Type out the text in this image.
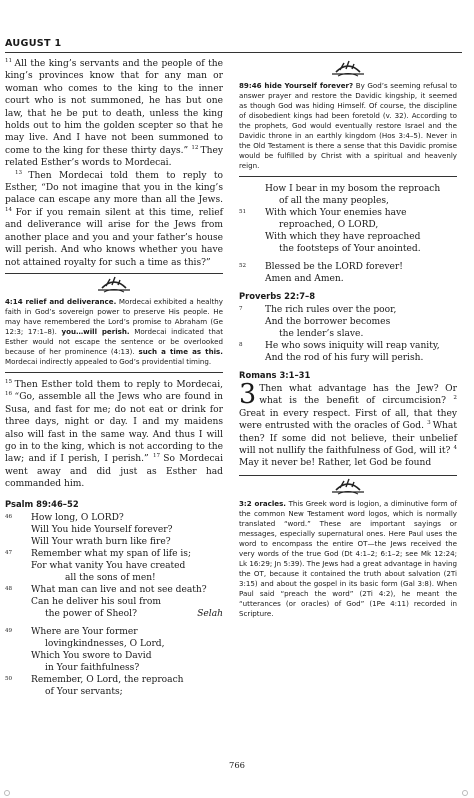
AUGUST 1

$^{11}$ All the king’s servants and the people of the king’s provinces know that for any man or woman who comes to the king to the inner court who is not summoned, he has but one law, that he be put to death, unless the king holds out to him the golden scepter so that he may live. And I have not been summoned to come to the king for these thirty days.” $^{12}$ They related Esther’s words to Mordecai.

$^{13}$ Then Mordecai told them to reply to Esther, “Do not imagine that you in the king’s palace can escape any more than all the Jews. $^{14}$ For if you remain silent at this time, relief and deliverance will arise for the Jews from another place and you and your father’s house will perish. And who knows whether you have not attained royalty for such a time as this?”

4:14 relief and deliverance. Mordecai exhibited a healthy faith in God’s sovereign power to preserve His people. He may have remembered the Lord’s promise to Abraham (Ge 12:3; 17:1–8). you…will perish. Mordecai indicated that Esther would not escape the sentence or be overlooked because of her prominence (4:13). such a time as this. Mordecai indirectly appealed to God’s providential timing.

$^{15}$ Then Esther told them to reply to Mordecai, $^{16}$ “Go, assemble all the Jews who are found in Susa, and fast for me; do not eat or drink for three days, night or day. I and my maidens also will fast in the same way. And thus I will go in to the king, which is not according to the law; and if I perish, I perish.” $^{17}$ So Mordecai went away and did just as Esther had commanded him.

Psalm 89:46–52

46 How long, O LORD?
Will You hide Yourself forever?
Will Your wrath burn like fire?
47 Remember what my span of life is;
For what vanity You have created
all the sons of men!
48 What man can live and not see death?
Can he deliver his soul from
the power of Sheol?	Selah
49 Where are Your former
lovingkindnesses, O Lord,
Which You swore to David
in Your faithfulness?
50 Remember, O Lord, the reproach
of Your servants;
89:46 hide Yourself forever? By God’s seeming refusal to answer prayer and restore the Davidic kingship, it seemed as though God was hiding Himself. Of course, the discipline of disobedient kings had been foretold (v. 32). According to the prophets, God would eventually restore Israel and the Davidic throne in an earthly kingdom (Hos 3:4–5). Never in the Old Testament is there a sense that this Davidic promise would be fulfilled by Christ with a spiritual and heavenly reign.
How I bear in my bosom the reproach
of all the many peoples,
51 With which Your enemies have
reproached, O LORD,
With which they have reproached
the footsteps of Your anointed.
52 Blessed be the LORD forever!
Amen and Amen.

Proverbs 22:7–8

7 The rich rules over the poor,
And the borrower becomes
the lender’s slave.
8 He who sows iniquity will reap vanity,
And the rod of his fury will perish.

Romans 3:1–31

3 Then what advantage has the Jew? Or what is the benefit of circumcision? $^2$ Great in every respect. First of all, that they were entrusted with the oracles of God. $^3$ What then? If some did not believe, their unbelief will not nullify the faithfulness of God, will it? $^4$ May it never be! Rather, let God be found

3:2 oracles. This Greek word is logion, a diminutive form of the common New Testament word logos, which is normally translated “word.” These are important sayings or messages, especially supernatural ones. Here Paul uses the word to encompass the entire OT—the Jews received the very words of the true God (Dt 4:1–2; 6:1–2; see Mk 12:24; Lk 16:29; Jn 5:39). The Jews had a great advantage in having the OT, because it contained the truth about salvation (2Ti 3:15) and about the gospel in its basic form (Gal 3:8). When Paul said “preach the word” (2Ti 4:2), he meant the “utterances (or oracles) of God” (1Pe 4:11) recorded in Scripture.
766
